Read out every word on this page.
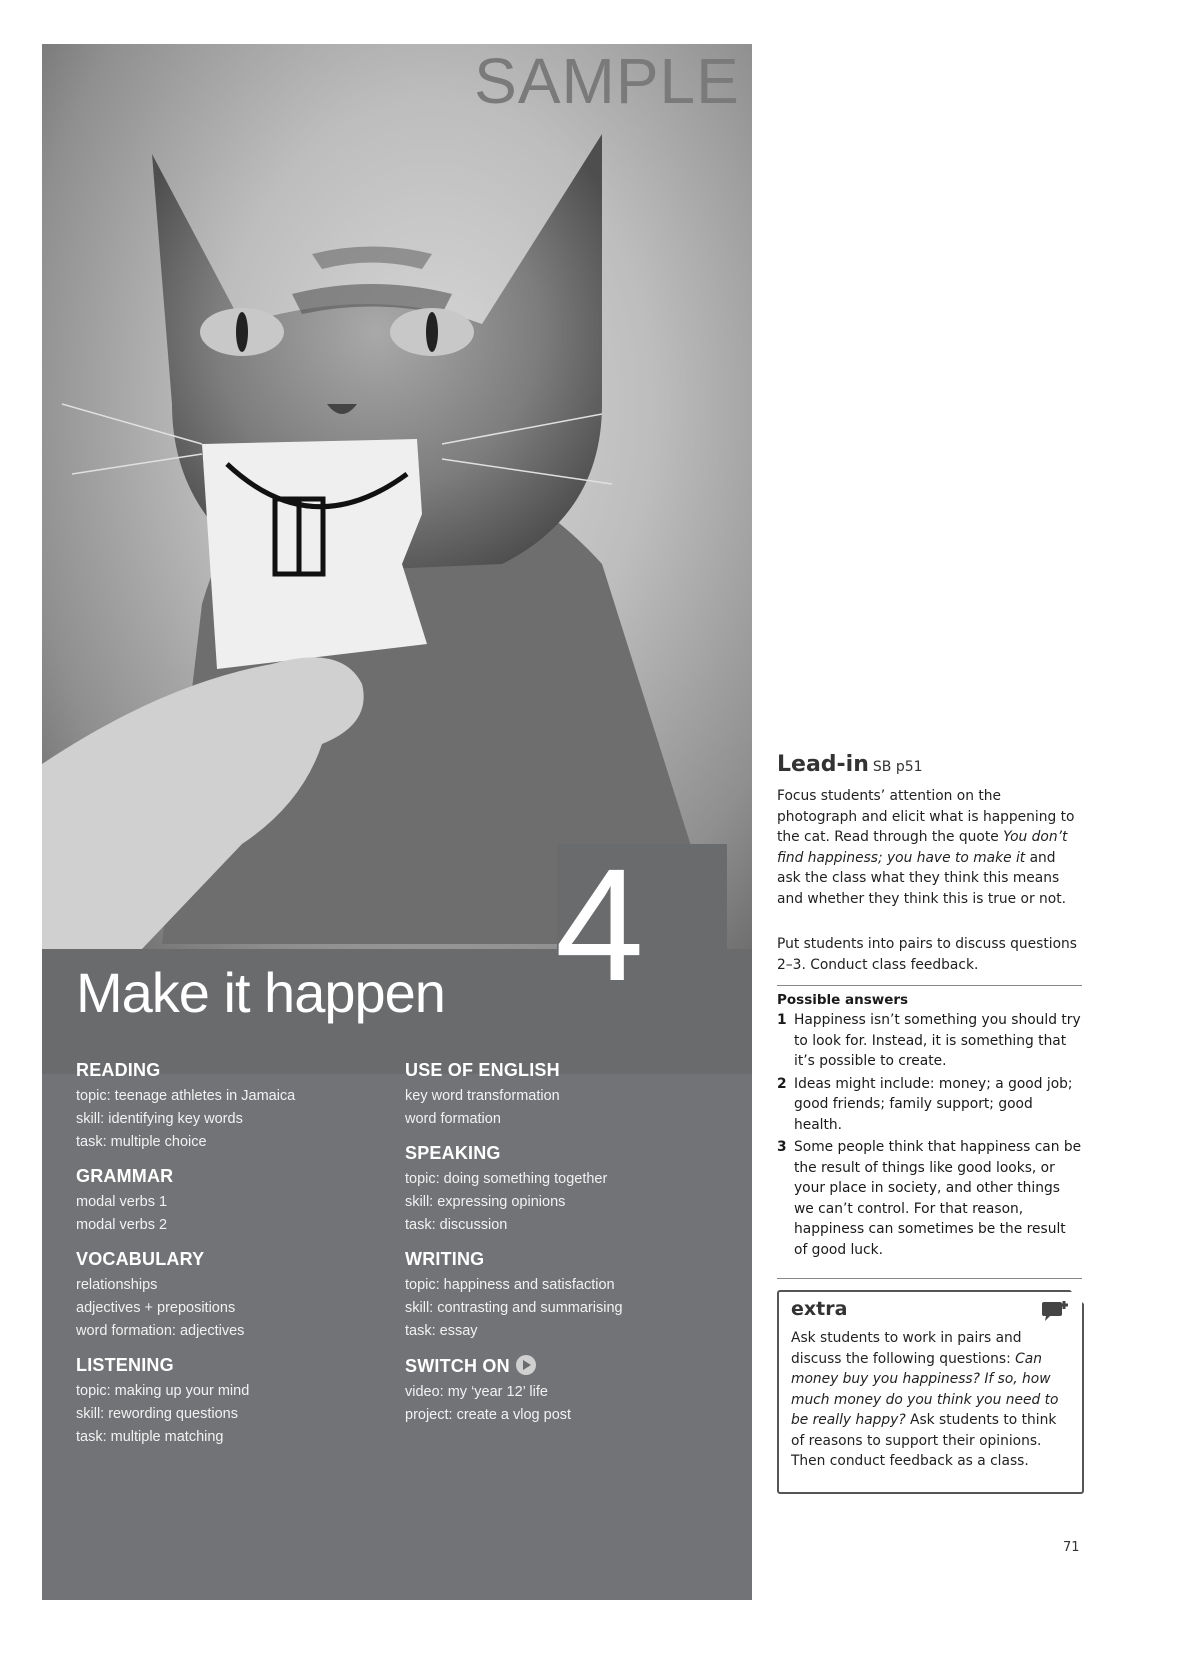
SAMPLE
Make it happen 4
READING
topic: teenage athletes in Jamaica
skill: identifying key words
task: multiple choice
GRAMMAR
modal verbs 1
modal verbs 2
VOCABULARY
relationships
adjectives + prepositions
word formation: adjectives
LISTENING
topic: making up your mind
skill: rewording questions
task: multiple matching
USE OF ENGLISH
key word transformation
word formation
SPEAKING
topic: doing something together
skill: expressing opinions
task: discussion
WRITING
topic: happiness and satisfaction
skill: contrasting and summarising
task: essay
SWITCH ON
video: my ‘year 12’ life
project: create a vlog post
Lead-in SB p51
Focus students’ attention on the photograph and elicit what is happening to the cat. Read through the quote You don’t find happiness; you have to make it and ask the class what they think this means and whether they think this is true or not.
Put students into pairs to discuss questions 2–3. Conduct class feedback.
Possible answers
1 Happiness isn’t something you should try to look for. Instead, it is something that it’s possible to create.
2 Ideas might include: money; a good job; good friends; family support; good health.
3 Some people think that happiness can be the result of things like good looks, or your place in society, and other things we can’t control. For that reason, happiness can sometimes be the result of good luck.
extra
Ask students to work in pairs and discuss the following questions: Can money buy you happiness? If so, how much money do you think you need to be really happy? Ask students to think of reasons to support their opinions. Then conduct feedback as a class.
71
